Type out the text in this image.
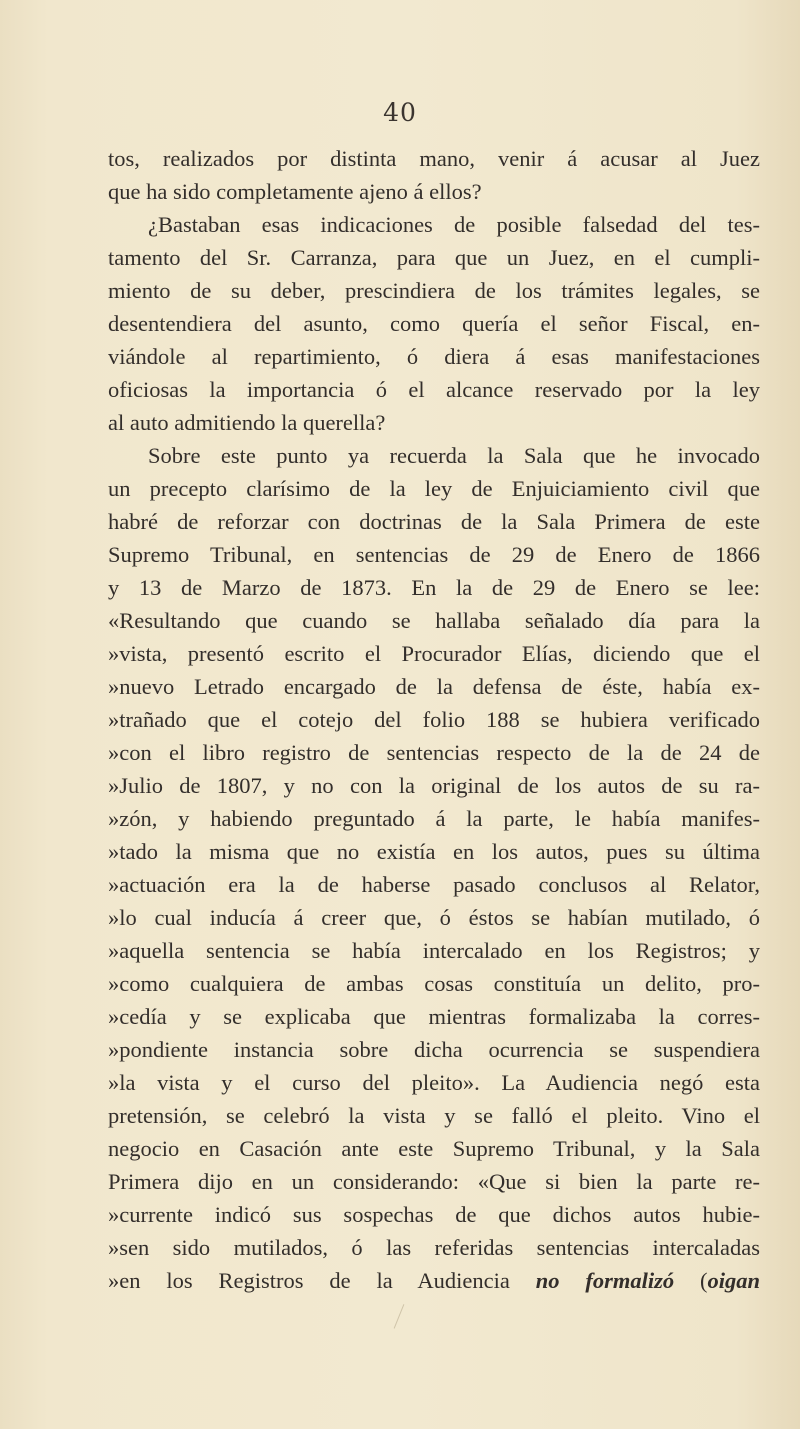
40
tos, realizados por distinta mano, venir á acusar al Juez
que ha sido completamente ajeno á ellos?
¿Bastaban esas indicaciones de posible falsedad del tes-
tamento del Sr. Carranza, para que un Juez, en el cumpli-
miento de su deber, prescindiera de los trámites legales, se
desentendiera del asunto, como quería el señor Fiscal, en-
viándole al repartimiento, ó diera á esas manifestaciones
oficiosas la importancia ó el alcance reservado por la ley
al auto admitiendo la querella?
Sobre este punto ya recuerda la Sala que he invocado
un precepto clarísimo de la ley de Enjuiciamiento civil que
habré de reforzar con doctrinas de la Sala Primera de este
Supremo Tribunal, en sentencias de 29 de Enero de 1866
y 13 de Marzo de 1873. En la de 29 de Enero se lee:
«Resultando que cuando se hallaba señalado día para la
»vista, presentó escrito el Procurador Elías, diciendo que el
»nuevo Letrado encargado de la defensa de éste, había ex-
»trañado que el cotejo del folio 188 se hubiera verificado
»con el libro registro de sentencias respecto de la de 24 de
»Julio de 1807, y no con la original de los autos de su ra-
»zón, y habiendo preguntado á la parte, le había manifes-
»tado la misma que no existía en los autos, pues su última
»actuación era la de haberse pasado conclusos al Relator,
»lo cual inducía á creer que, ó éstos se habían mutilado, ó
»aquella sentencia se había intercalado en los Registros; y
»como cualquiera de ambas cosas constituía un delito, pro-
»cedía y se explicaba que mientras formalizaba la corres-
»pondiente instancia sobre dicha ocurrencia se suspendiera
»la vista y el curso del pleito». La Audiencia negó esta
pretensión, se celebró la vista y se falló el pleito. Vino el
negocio en Casación ante este Supremo Tribunal, y la Sala
Primera dijo en un considerando: «Que si bien la parte re-
»currente indicó sus sospechas de que dichos autos hubie-
»sen sido mutilados, ó las referidas sentencias intercaladas
»en los Registros de la Audiencia no formalizó (oigan
